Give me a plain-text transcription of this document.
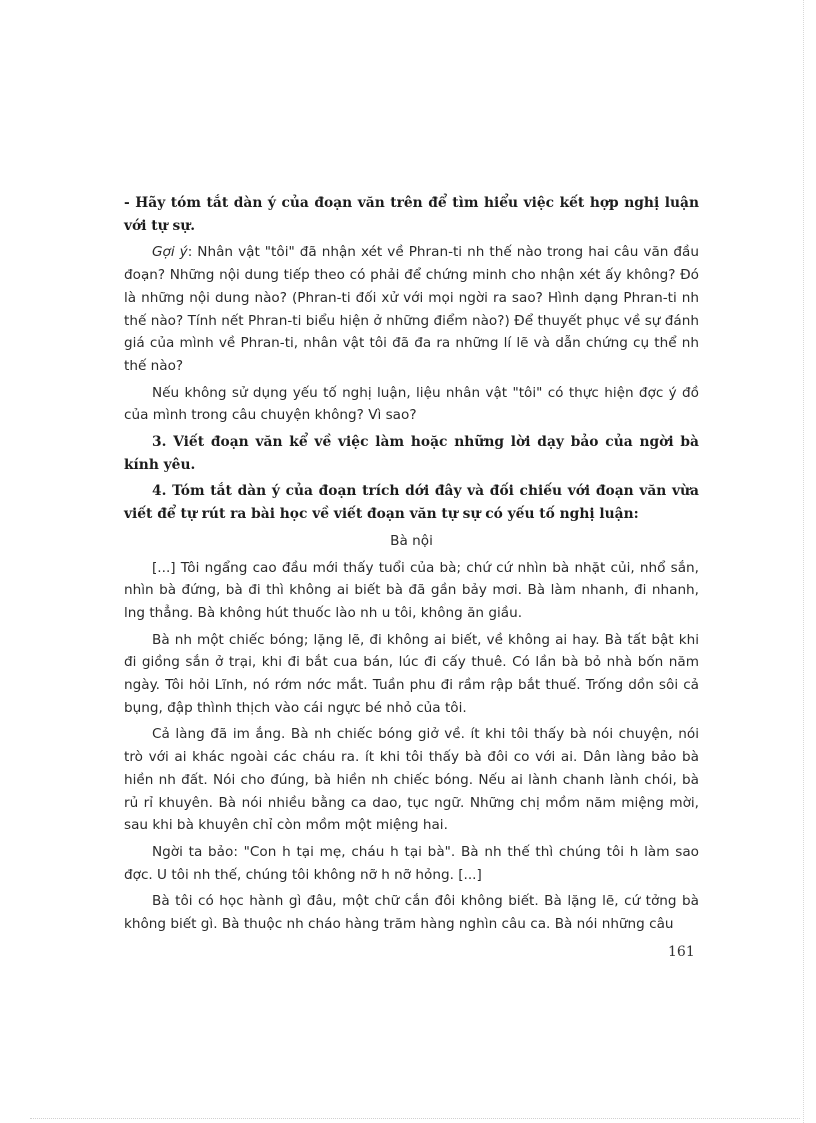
- Hãy tóm tắt dàn ý của đoạn văn trên để tìm hiểu việc kết hợp nghị luận với tự sự.

Gợi ý: Nhân vật "tôi" đã nhận xét về Phran-ti nh thế nào trong hai câu văn đầu đoạn? Những nội dung tiếp theo có phải để chứng minh cho nhận xét ấy không? Đó là những nội dung nào? (Phran-ti đối xử với mọi ngời ra sao? Hình dạng Phran-ti nh thế nào? Tính nết Phran-ti biểu hiện ở những điểm nào?) Để thuyết phục về sự đánh giá của mình về Phran-ti, nhân vật tôi đã đa ra những lí lẽ và dẫn chứng cụ thể nh thế nào?

Nếu không sử dụng yếu tố nghị luận, liệu nhân vật "tôi" có thực hiện đợc ý đồ của mình trong câu chuyện không? Vì sao?

3. Viết đoạn văn kể về việc làm hoặc những lời dạy bảo của ngời bà kính yêu.

4. Tóm tắt dàn ý của đoạn trích dới đây và đối chiếu với đoạn văn vừa viết để tự rút ra bài học về viết đoạn văn tự sự có yếu tố nghị luận:

Bà nội

[...] Tôi ngẩng cao đầu mới thấy tuổi của bà; chứ cứ nhìn bà nhặt củi, nhổ sắn, nhìn bà đứng, bà đi thì không ai biết bà đã gần bảy mơi. Bà làm nhanh, đi nhanh, lng thẳng. Bà không hút thuốc lào nh u tôi, không ăn giầu.

Bà nh một chiếc bóng; lặng lẽ, đi không ai biết, về không ai hay. Bà tất bật khi đi giồng sắn ở trại, khi đi bắt cua bán, lúc đi cấy thuê. Có lần bà bỏ nhà bốn năm ngày. Tôi hỏi Lĩnh, nó rớm nớc mắt. Tuần phu đi rầm rập bắt thuế. Trống dồn sôi cả bụng, đập thình thịch vào cái ngực bé nhỏ của tôi.

Cả làng đã im ắng. Bà nh chiếc bóng giở về. ít khi tôi thấy bà nói chuyện, nói trò với ai khác ngoài các cháu ra. ít khi tôi thấy bà đôi co với ai. Dân làng bảo bà hiền nh đất. Nói cho đúng, bà hiền nh chiếc bóng. Nếu ai lành chanh lành chói, bà rủ rỉ khuyên. Bà nói nhiều bằng ca dao, tục ngữ. Những chị mồm năm miệng mời, sau khi bà khuyên chỉ còn mồm một miệng hai.

Ngời ta bảo: "Con h tại mẹ, cháu h tại bà". Bà nh thế thì chúng tôi h làm sao đợc. U tôi nh thế, chúng tôi không nỡ h nỡ hỏng. [...]

Bà tôi có học hành gì đâu, một chữ cắn đôi không biết. Bà lặng lẽ, cứ tởng bà không biết gì. Bà thuộc nh cháo hàng trăm hàng nghìn câu ca. Bà nói những câu

161
